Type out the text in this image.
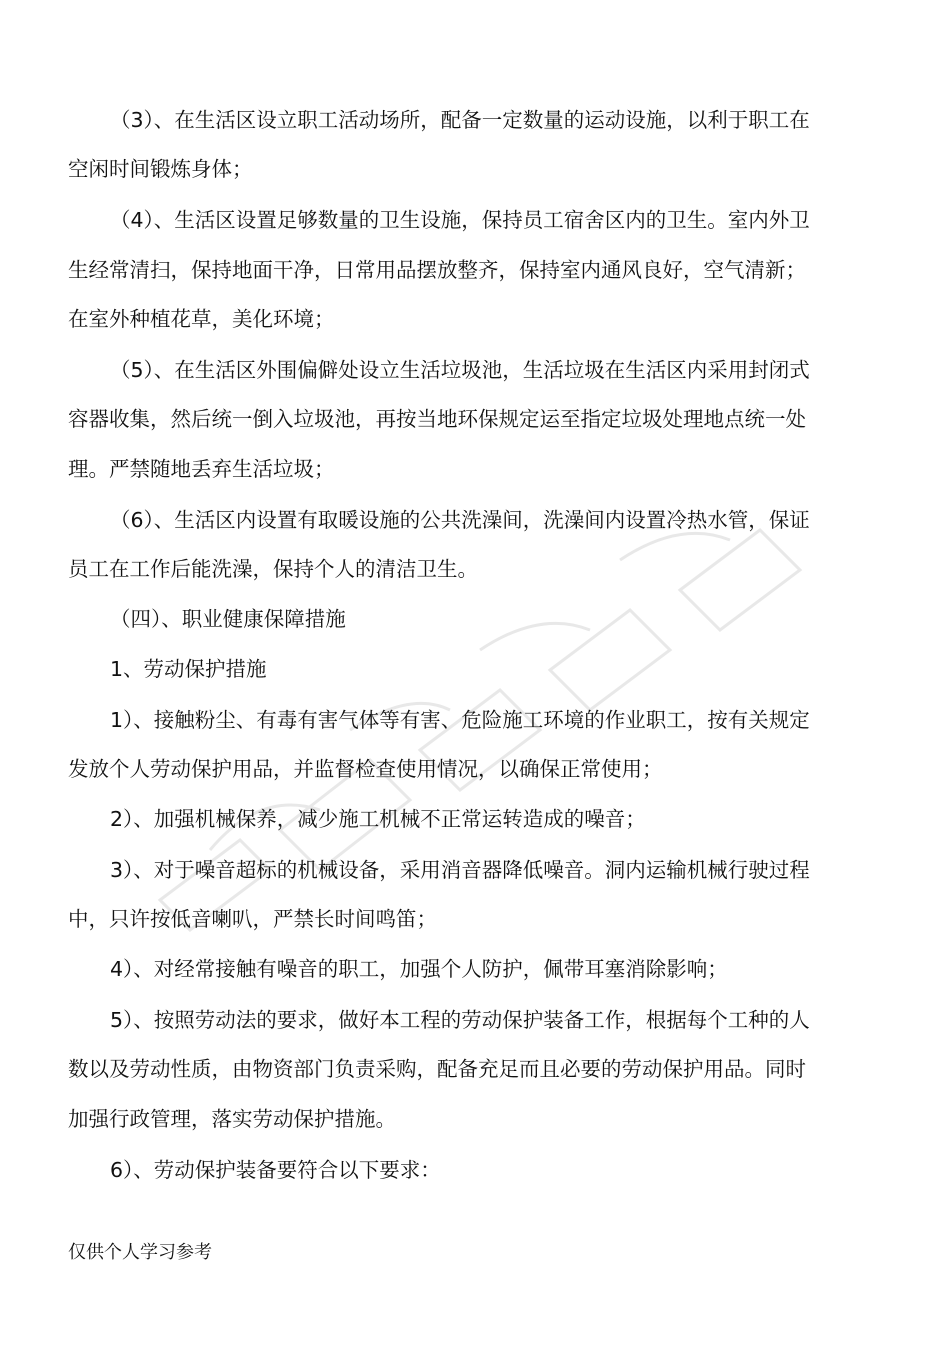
（3）、在生活区设立职工活动场所，配备一定数量的运动设施，以利于职工在
空闲时间锻炼身体；
（4）、生活区设置足够数量的卫生设施，保持员工宿舍区内的卫生。室内外卫
生经常清扫，保持地面干净，日常用品摆放整齐，保持室内通风良好，空气清新；
在室外种植花草，美化环境；
（5）、在生活区外围偏僻处设立生活垃圾池，生活垃圾在生活区内采用封闭式
容器收集，然后统一倒入垃圾池，再按当地环保规定运至指定垃圾处理地点统一处
理。严禁随地丢弃生活垃圾；
（6）、生活区内设置有取暖设施的公共洗澡间，洗澡间内设置冷热水管，保证
员工在工作后能洗澡，保持个人的清洁卫生。
（四）、职业健康保障措施
1、劳动保护措施
1）、接触粉尘、有毒有害气体等有害、危险施工环境的作业职工，按有关规定
发放个人劳动保护用品，并监督检查使用情况，以确保正常使用；
2）、加强机械保养，减少施工机械不正常运转造成的噪音；
3）、对于噪音超标的机械设备，采用消音器降低噪音。洞内运输机械行驶过程
中，只许按低音喇叭，严禁长时间鸣笛；
4）、对经常接触有噪音的职工，加强个人防护，佩带耳塞消除影响；
5）、按照劳动法的要求，做好本工程的劳动保护装备工作，根据每个工种的人
数以及劳动性质，由物资部门负责采购，配备充足而且必要的劳动保护用品。同时
加强行政管理，落实劳动保护措施。
6）、劳动保护装备要符合以下要求：
仅供个人学习参考
